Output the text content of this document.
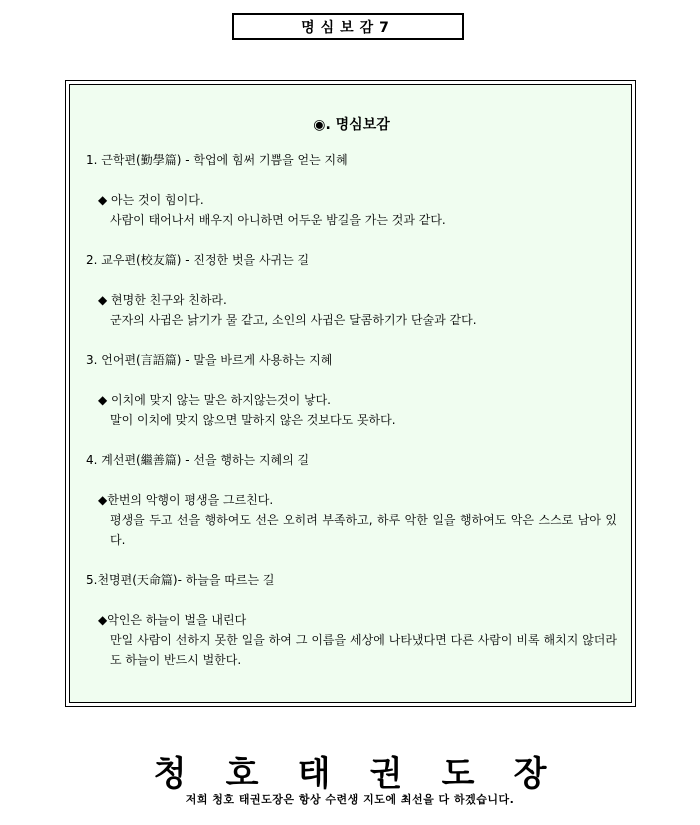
명심보감7
◉. 명심보감
1. 근학편(勤學篇) - 학업에 힘써 기쁨을 얻는 지혜
◆ 아는 것이 힘이다.
사람이 태어나서 배우지 아니하면 어두운 밤길을 가는 것과 같다.
2. 교우편(校友篇) - 진정한 벗을 사귀는 길
◆ 현명한 친구와 친하라.
군자의 사귐은 낡기가 물 같고, 소인의 사귐은 달콤하기가 단술과 같다.
3. 언어편(言語篇) - 말을 바르게 사용하는 지혜
◆ 이치에 맞지 않는 말은 하지않는것이 낳다.
말이 이치에 맞지 않으면 말하지 않은 것보다도 못하다.
4. 계선편(繼善篇) - 선을 행하는 지혜의 길
◆한번의 악행이 평생을 그르친다.
평생을 두고 선을 행하여도 선은 오히려 부족하고, 하루 악한 일을 행하여도 악은 스스로 남아 있다.
5.천명편(天命篇)- 하늘을 따르는 길
◆악인은 하늘이 벌을 내린다
만일 사람이 선하지 못한 일을 하여 그 이름을 세상에 나타냈다면 다른 사람이 비록 해치지 않더라도 하늘이 반드시 벌한다.
청 호 태 권 도 장
저희 청호 태권도장은 항상 수련생 지도에 최선을 다 하겠습니다.
